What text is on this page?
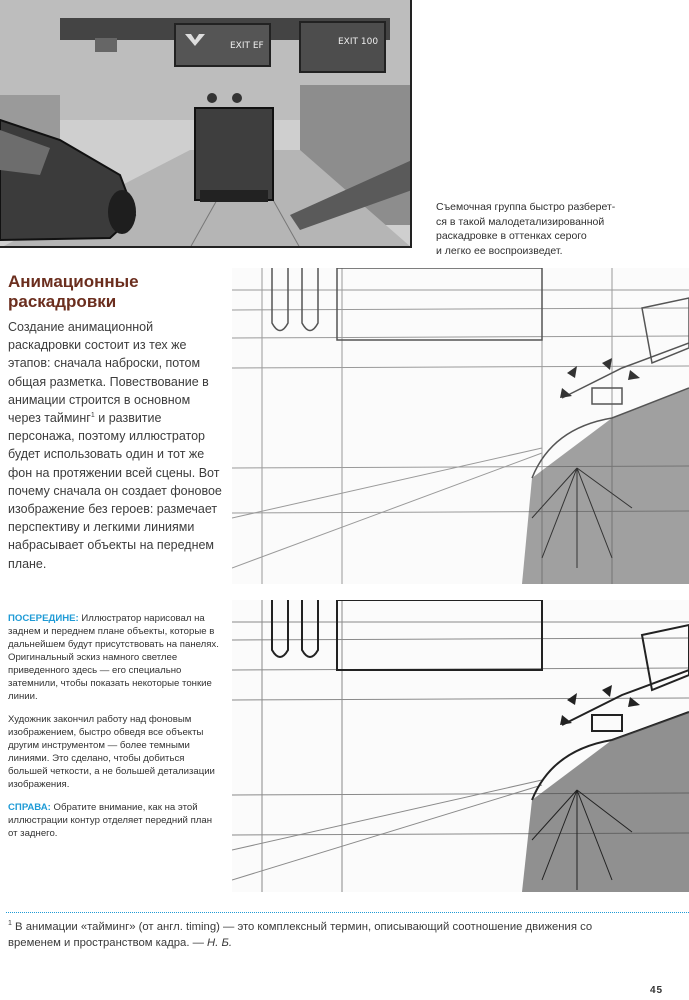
EXIT EF	EXIT 100
Съемочная группа быстро разберет-
ся в такой малодетализированной
раскадровке в оттенках серого
и легко ее воспроизведет.
Анимационные
раскадровки

Создание анимационной раскадровки состоит из тех же этапов: сначала наброски, потом общая разметка. Повествование в анимации строится в основном через тайминг$^1$ и развитие персонажа, поэтому иллюстратор будет использовать один и тот же фон на протяжении всей сцены. Вот почему сначала он создает фоновое изображение без героев: размечает перспективу и легкими линиями набрасывает объекты на переднем плане.

ПОСЕРЕДИНЕ: Иллюстратор нарисовал на заднем и переднем плане объекты, которые в дальнейшем будут присутствовать на панелях. Оригинальный эскиз намного светлее приведенного здесь — его специально затемнили, чтобы показать некоторые тонкие линии.

Художник закончил работу над фоновым изображением, быстро обведя все объекты другим инструментом — более темными линиями. Это сделано, чтобы добиться большей четкости, а не большей детализации изображения.

СПРАВА: Обратите внимание, как на этой иллюстрации контур отделяет передний план от заднего.

$^1$ В анимации «тайминг» (от англ. timing) — это комплексный термин, описывающий соотношение движения со временем и пространством кадра. — Н. Б.

45
